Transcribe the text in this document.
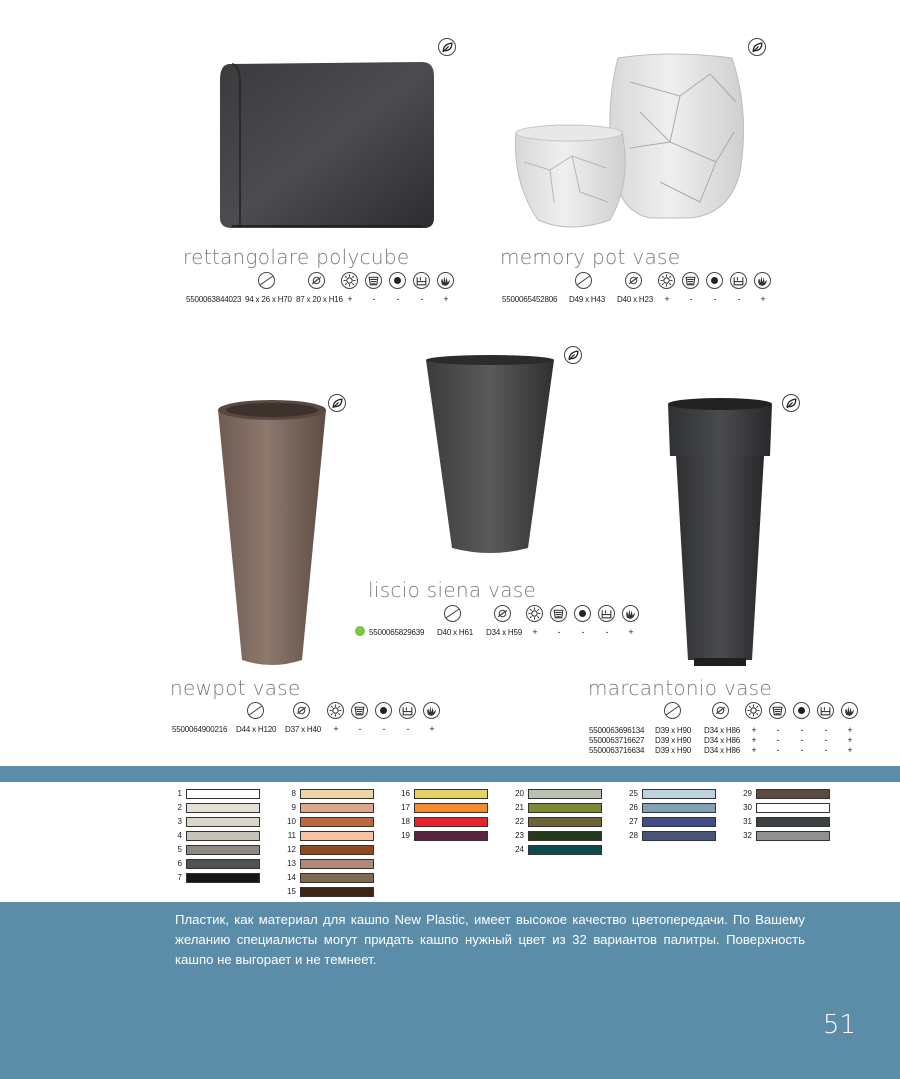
rettangolare polycube
5500063844023 94 x 26 x H70 87 x 20 x H16 +	-	-	-	+
memory pot vase
5500065452806 D49 x H43 D40 x H23 +	-	-	-	+
liscio siena vase
5500065829639 D40 x H61 D34 x H59 +	-	-	-	+
newpot vase
5500064900216 D44 x H120 D37 x H40 +	-	-	-	+
marcantonio vase
5500063696134 D39 x H90 D34 x H86 +	-	-	-	+
5500063716627 D39 x H90 D34 x H86 +	-	-	-	+
5500063716634 D39 x H90 D34 x H86 +	-	-	-	+
1
2
3
4
5
6
7
8
9
10
11
12
13
14
15
16
17
18
19
20
21
22
23
24
25
26
27
28
29
30
31
32
Пластик, как материал для кашпо New Plastic, имеет высокое качество цветопередачи. По Вашему желанию специалисты могут придать кашпо нужный цвет из 32 вариантов палитры. Поверхность кашпо не выгорает и не темнеет.
51
